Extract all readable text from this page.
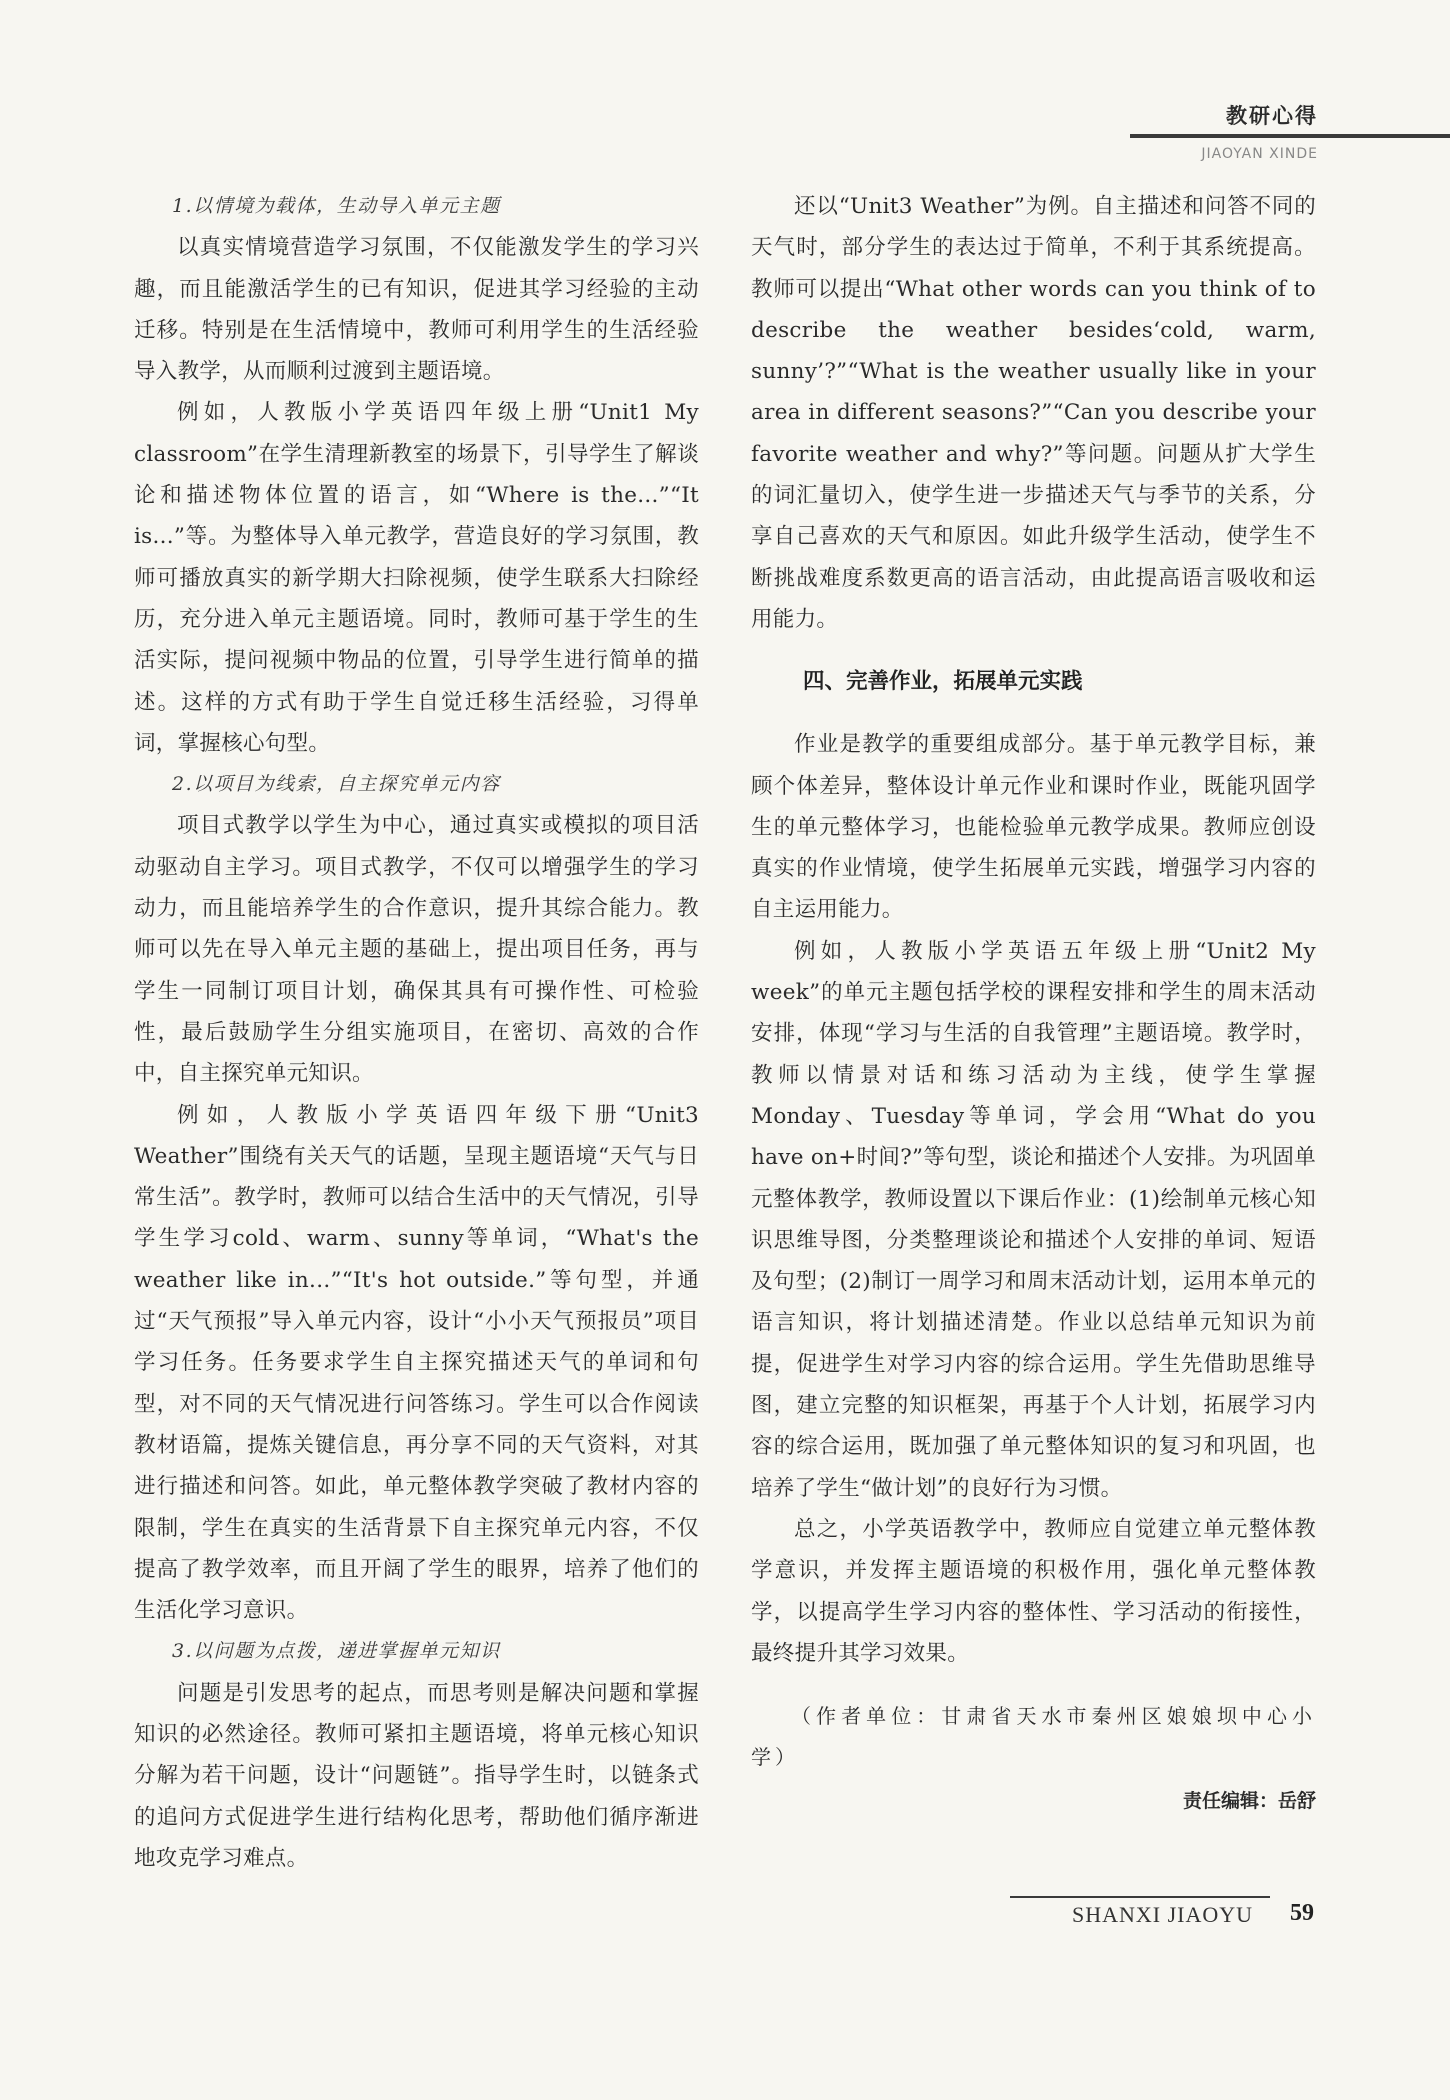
教研心得
JIAOYAN XINDE

1.以情境为载体，生动导入单元主题

以真实情境营造学习氛围，不仅能激发学生的学习兴趣，而且能激活学生的已有知识，促进其学习经验的主动迁移。特别是在生活情境中，教师可利用学生的生活经验导入教学，从而顺利过渡到主题语境。

例如，人教版小学英语四年级上册“Unit1 My classroom”在学生清理新教室的场景下，引导学生了解谈论和描述物体位置的语言，如“Where is the...”“It is...”等。为整体导入单元教学，营造良好的学习氛围，教师可播放真实的新学期大扫除视频，使学生联系大扫除经历，充分进入单元主题语境。同时，教师可基于学生的生活实际，提问视频中物品的位置，引导学生进行简单的描述。这样的方式有助于学生自觉迁移生活经验，习得单词，掌握核心句型。

2.以项目为线索，自主探究单元内容

项目式教学以学生为中心，通过真实或模拟的项目活动驱动自主学习。项目式教学，不仅可以增强学生的学习动力，而且能培养学生的合作意识，提升其综合能力。教师可以先在导入单元主题的基础上，提出项目任务，再与学生一同制订项目计划，确保其具有可操作性、可检验性，最后鼓励学生分组实施项目，在密切、高效的合作中，自主探究单元知识。

例如，人教版小学英语四年级下册“Unit3 Weather”围绕有关天气的话题，呈现主题语境“天气与日常生活”。教学时，教师可以结合生活中的天气情况，引导学生学习cold、warm、sunny等单词，“What's the weather like in...”“It's hot outside.”等句型，并通过“天气预报”导入单元内容，设计“小小天气预报员”项目学习任务。任务要求学生自主探究描述天气的单词和句型，对不同的天气情况进行问答练习。学生可以合作阅读教材语篇，提炼关键信息，再分享不同的天气资料，对其进行描述和问答。如此，单元整体教学突破了教材内容的限制，学生在真实的生活背景下自主探究单元内容，不仅提高了教学效率，而且开阔了学生的眼界，培养了他们的生活化学习意识。

3.以问题为点拨，递进掌握单元知识

问题是引发思考的起点，而思考则是解决问题和掌握知识的必然途径。教师可紧扣主题语境，将单元核心知识分解为若干问题，设计“问题链”。指导学生时，以链条式的追问方式促进学生进行结构化思考，帮助他们循序渐进地攻克学习难点。

还以“Unit3 Weather”为例。自主描述和问答不同的天气时，部分学生的表达过于简单，不利于其系统提高。教师可以提出“What other words can you think of to describe the weather besides‘cold, warm, sunny’?”“What is the weather usually like in your area in different seasons?”“Can you describe your favorite weather and why?”等问题。问题从扩大学生的词汇量切入，使学生进一步描述天气与季节的关系，分享自己喜欢的天气和原因。如此升级学生活动，使学生不断挑战难度系数更高的语言活动，由此提高语言吸收和运用能力。

四、完善作业，拓展单元实践

作业是教学的重要组成部分。基于单元教学目标，兼顾个体差异，整体设计单元作业和课时作业，既能巩固学生的单元整体学习，也能检验单元教学成果。教师应创设真实的作业情境，使学生拓展单元实践，增强学习内容的自主运用能力。

例如，人教版小学英语五年级上册“Unit2 My week”的单元主题包括学校的课程安排和学生的周末活动安排，体现“学习与生活的自我管理”主题语境。教学时，教师以情景对话和练习活动为主线，使学生掌握Monday、Tuesday等单词，学会用“What do you have on+时间?”等句型，谈论和描述个人安排。为巩固单元整体教学，教师设置以下课后作业：(1)绘制单元核心知识思维导图，分类整理谈论和描述个人安排的单词、短语及句型；(2)制订一周学习和周末活动计划，运用本单元的语言知识，将计划描述清楚。作业以总结单元知识为前提，促进学生对学习内容的综合运用。学生先借助思维导图，建立完整的知识框架，再基于个人计划，拓展学习内容的综合运用，既加强了单元整体知识的复习和巩固，也培养了学生“做计划”的良好行为习惯。

总之，小学英语教学中，教师应自觉建立单元整体教学意识，并发挥主题语境的积极作用，强化单元整体教学，以提高学生学习内容的整体性、学习活动的衔接性，最终提升其学习效果。

（作者单位：甘肃省天水市秦州区娘娘坝中心小学）

责任编辑：岳舒
SHANXI JIAOYU 59
